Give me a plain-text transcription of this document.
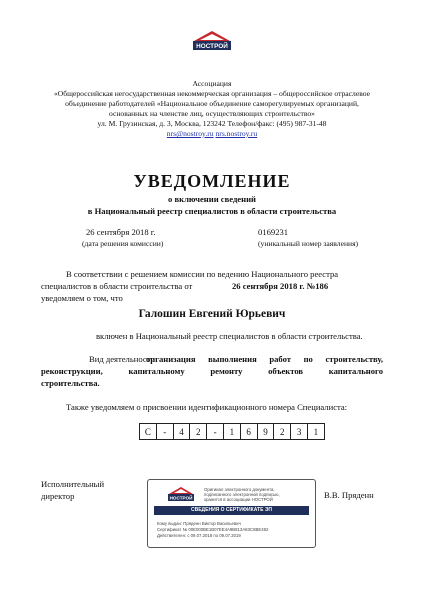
НОСТРОЙ
Ассоциация
«Общероссийская негосударственная некоммерческая организация – общероссийское отраслевое
объединение работодателей «Национальное объединение саморегулируемых организаций,
основанных на членстве лиц, осуществляющих строительство»
ул. М. Грузинская, д. 3, Москва, 123242 Телефон/факс: (495) 987-31-48
nrs@nostroy.ru nrs.nostroy.ru
УВЕДОМЛЕНИЕ
о включении сведений
в Национальный реестр специалистов в области строительства
26 сентября 2018 г.
(дата решения комиссии)
0169231
(уникальный номер заявления)
В соответствии с решением комиссии по ведению Национального реестра
специалистов в области строительства от	26 сентября 2018 г. №186
уведомляем о том, что
Галошин Евгений Юрьевич
включен в Национальный реестр специалистов в области строительства.
Вид деятельности:
организация выполнения работ по строительству,
реконструкции,	капитальному	ремонту	объектов	капитального
строительства.
Также уведомляем о присвоении идентификационного номера Специалиста:
С	-	4	2	-	1	6	9	2	3	1
Исполнительный
директор	В.В. Пряденн
НОСТРОЙ
Оригинал электронного документа,
подписанного электронной подписью,
хранится в ассоциации НОСТРОЙ
СВЕДЕНИЯ О СЕРТИФИКАТЕ ЭП
Кому выдан: Пряденн Виктор Васильевич
Сертификат № 00E000BE1B07EE4A9B813A83C8BE492
Действителен: с 09.07.2018 по 09.07.2019
